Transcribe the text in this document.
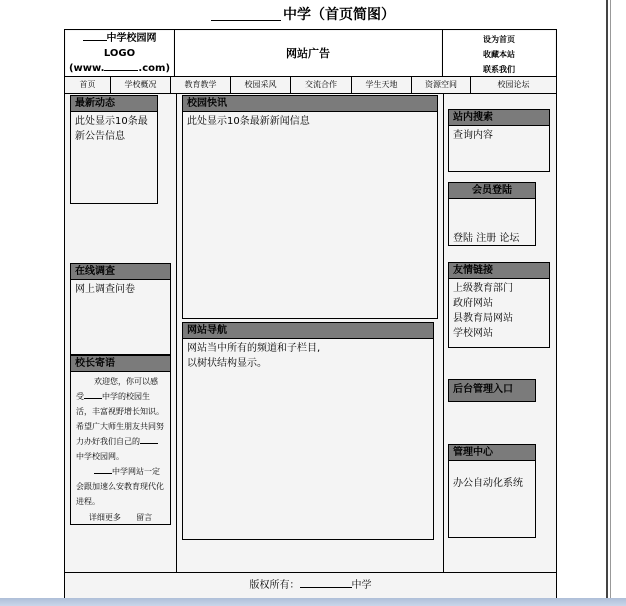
中学（首页简图）
中学校园网
LOGO
(www.	.com)
网站广告
设为首页
收藏本站
联系我们
首页	学校概况	教育教学	校园采风	交流合作	学生天地	资源空间	校园论坛
最新动态
此处显示10条最新公告信息
在线调查
网上调查问卷
校长寄语
欢迎您，你可以感受 中学的校园生活，丰富视野增长知识。希望广大师生朋友共同努力办好我们自己的中学校园网。
中学网站一定会跟加速么安教育现代化进程。
详细更多 留言
校园快讯
此处显示10条最新新闻信息
网站导航
网站当中所有的频道和子栏目,
以树状结构显示。
站内搜索
查询内容
会员登陆
登陆 注册 论坛
友情链接
上级教育部门
政府网站
县教育局网站
学校网站
后台管理入口
管理中心
办公自动化系统
版权所有：	中学
